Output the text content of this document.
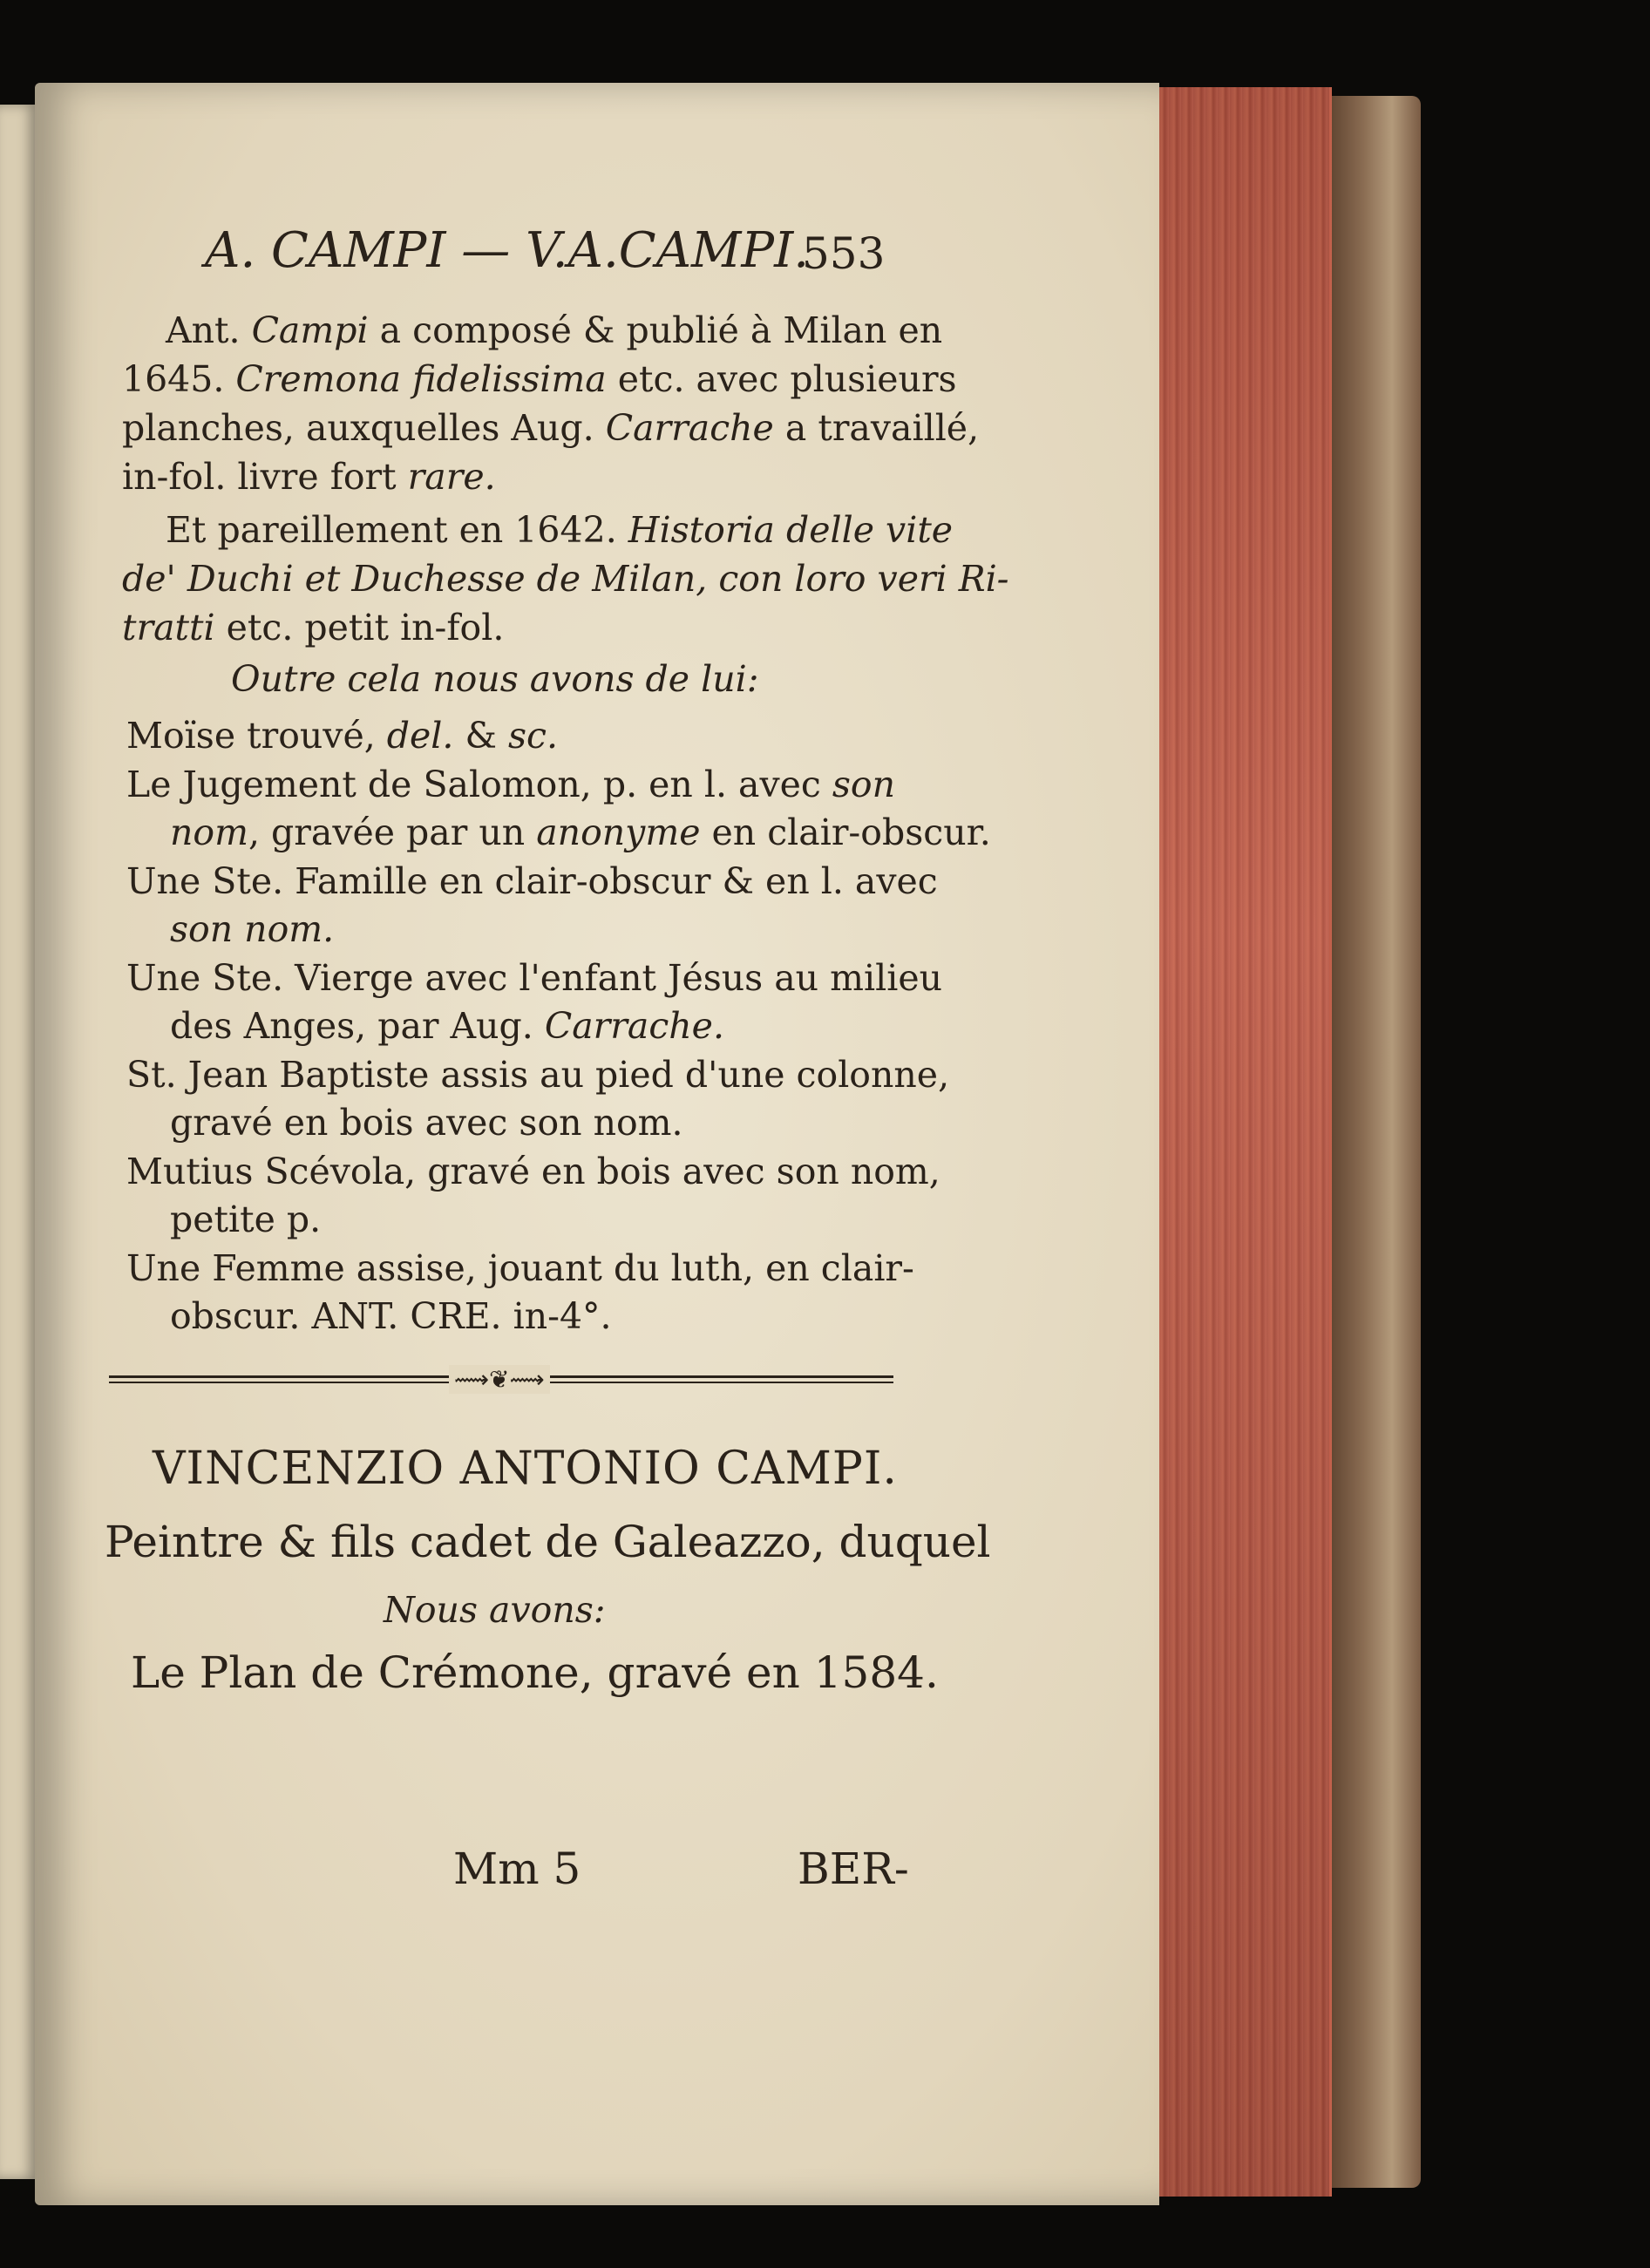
A. CAMPI — V.A.CAMPI.
553
Ant. Campi a composé & publié à Milan en
1645. Cremona fidelissima etc. avec plusieurs
planches, auxquelles Aug. Carrache a travaillé,
in-fol. livre fort rare.
Et pareillement en 1642. Historia delle vite
de' Duchi et Duchesse de Milan, con loro veri Ri-
tratti etc. petit in-fol.
Outre cela nous avons de lui:
Moïse trouvé, del. & sc.
Le Jugement de Salomon, p. en l. avec son
nom, gravée par un anonyme en clair-obscur.
Une Ste. Famille en clair-obscur & en l. avec
son nom.
Une Ste. Vierge avec l'enfant Jésus au milieu
des Anges, par Aug. Carrache.
St. Jean Baptiste assis au pied d'une colonne,
gravé en bois avec son nom.
Mutius Scévola, gravé en bois avec son nom,
petite p.
Une Femme assise, jouant du luth, en clair-
obscur. ANT. CRE. in-4°.
⟿❦⟿
VINCENZIO ANTONIO CAMPI.
Peintre & fils cadet de Galeazzo, duquel
Nous avons:
Le Plan de Crémone, gravé en 1584.
Mm 5	BER-
